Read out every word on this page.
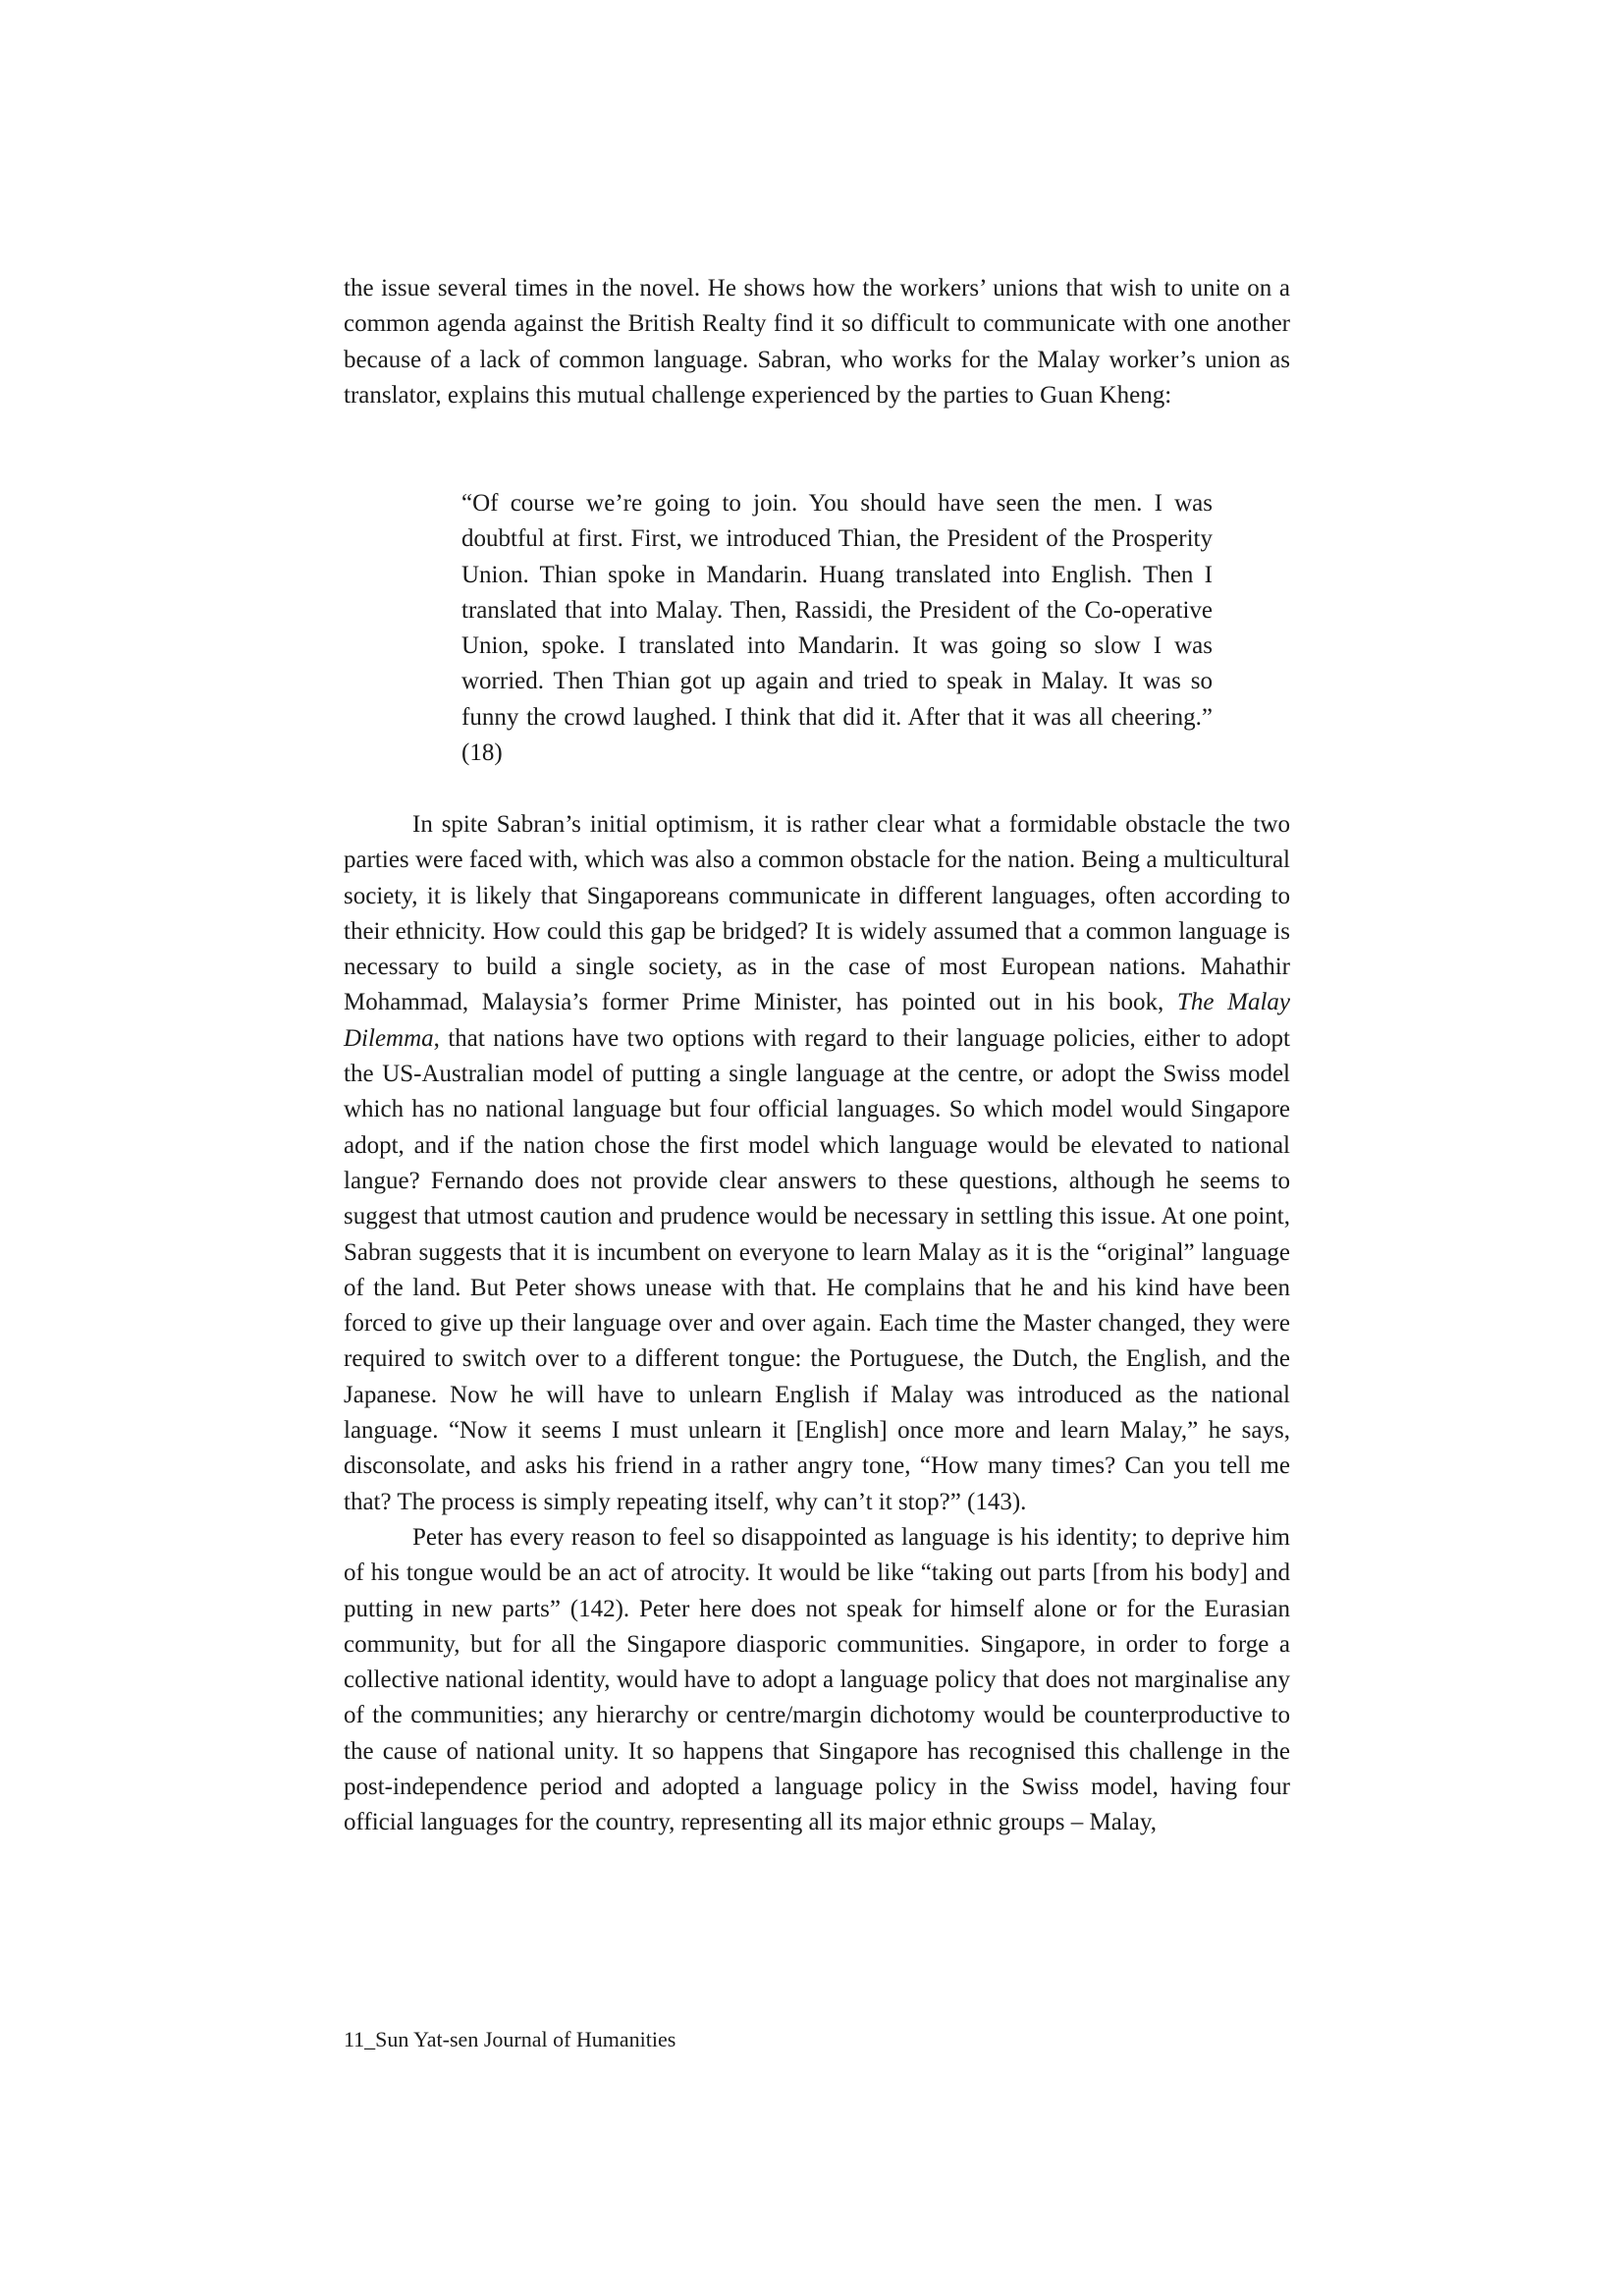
the issue several times in the novel. He shows how the workers’ unions that wish to unite on a common agenda against the British Realty find it so difficult to communicate with one another because of a lack of common language. Sabran, who works for the Malay worker’s union as translator, explains this mutual challenge experienced by the parties to Guan Kheng:

“Of course we’re going to join. You should have seen the men. I was doubtful at first. First, we introduced Thian, the President of the Prosperity Union. Thian spoke in Mandarin. Huang translated into English. Then I translated that into Malay. Then, Rassidi, the President of the Co-operative Union, spoke. I translated into Mandarin. It was going so slow I was worried. Then Thian got up again and tried to speak in Malay. It was so funny the crowd laughed. I think that did it. After that it was all cheering.” (18)

In spite Sabran’s initial optimism, it is rather clear what a formidable obstacle the two parties were faced with, which was also a common obstacle for the nation. Being a multicultural society, it is likely that Singaporeans communicate in different languages, often according to their ethnicity. How could this gap be bridged? It is widely assumed that a common language is necessary to build a single society, as in the case of most European nations. Mahathir Mohammad, Malaysia’s former Prime Minister, has pointed out in his book, The Malay Dilemma, that nations have two options with regard to their language policies, either to adopt the US-Australian model of putting a single language at the centre, or adopt the Swiss model which has no national language but four official languages. So which model would Singapore adopt, and if the nation chose the first model which language would be elevated to national langue? Fernando does not provide clear answers to these questions, although he seems to suggest that utmost caution and prudence would be necessary in settling this issue. At one point, Sabran suggests that it is incumbent on everyone to learn Malay as it is the “original” language of the land. But Peter shows unease with that. He complains that he and his kind have been forced to give up their language over and over again. Each time the Master changed, they were required to switch over to a different tongue: the Portuguese, the Dutch, the English, and the Japanese. Now he will have to unlearn English if Malay was introduced as the national language. “Now it seems I must unlearn it [English] once more and learn Malay,” he says, disconsolate, and asks his friend in a rather angry tone, “How many times? Can you tell me that? The process is simply repeating itself, why can’t it stop?” (143).

Peter has every reason to feel so disappointed as language is his identity; to deprive him of his tongue would be an act of atrocity. It would be like “taking out parts [from his body] and putting in new parts” (142). Peter here does not speak for himself alone or for the Eurasian community, but for all the Singapore diasporic communities. Singapore, in order to forge a collective national identity, would have to adopt a language policy that does not marginalise any of the communities; any hierarchy or centre/margin dichotomy would be counterproductive to the cause of national unity. It so happens that Singapore has recognised this challenge in the post-independence period and adopted a language policy in the Swiss model, having four official languages for the country, representing all its major ethnic groups – Malay,

11_Sun Yat-sen Journal of Humanities
